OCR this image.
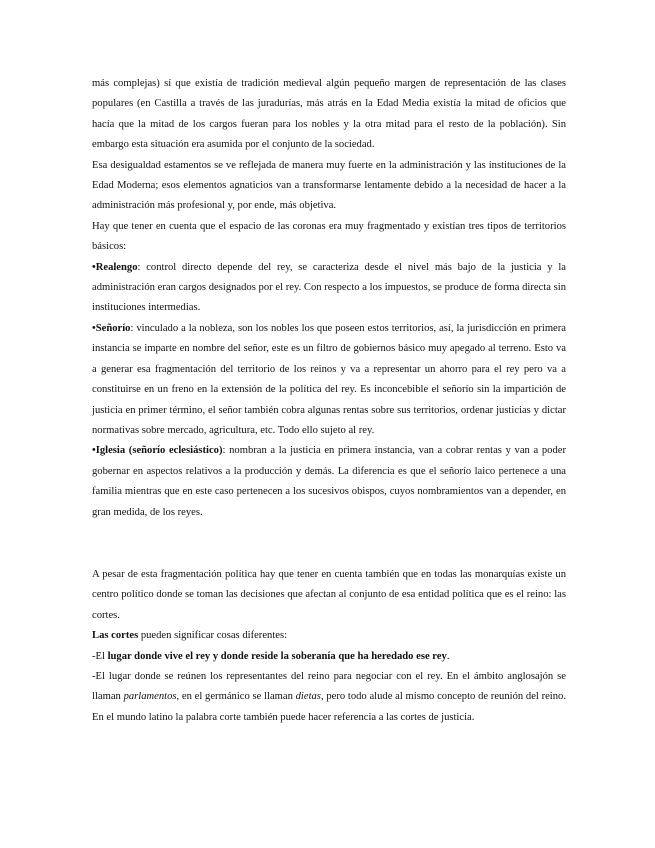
más complejas) sí que existía de tradición medieval algún pequeño margen de representación de las clases populares (en Castilla a través de las juradurías, más atrás en la Edad Media existía la mitad de oficios que hacía que la mitad de los cargos fueran para los nobles y la otra mitad para el resto de la población). Sin embargo esta situación era asumida por el conjunto de la sociedad.

Esa desigualdad estamentos se ve reflejada de manera muy fuerte en la administración y las instituciones de la Edad Moderna; esos elementos agnaticios van a transformarse lentamente debido a la necesidad de hacer a la administración más profesional y, por ende, más objetiva.

Hay que tener en cuenta que el espacio de las coronas era muy fragmentado y existían tres tipos de territorios básicos:

•Realengo: control directo depende del rey, se caracteriza desde el nivel más bajo de la justicia y la administración eran cargos designados por el rey. Con respecto a los impuestos, se produce de forma directa sin instituciones intermedias.

•Señorío: vinculado a la nobleza, son los nobles los que poseen estos territorios, así, la jurisdicción en primera instancia se imparte en nombre del señor, este es un filtro de gobiernos básico muy apegado al terreno. Esto va a generar esa fragmentación del territorio de los reinos y va a representar un ahorro para el rey pero va a constituirse en un freno en la extensión de la política del rey. Es inconcebible el señorío sin la impartición de justicia en primer término, el señor también cobra algunas rentas sobre sus territorios, ordenar justicias y dictar normativas sobre mercado, agricultura, etc. Todo ello sujeto al rey.

•Iglesia (señorío eclesiástico): nombran a la justicia en primera instancia, van a cobrar rentas y van a poder gobernar en aspectos relativos a la producción y demás. La diferencia es que el señorío laico pertenece a una familia mientras que en este caso pertenecen a los sucesivos obispos, cuyos nombramientos van a depender, en gran medida, de los reyes.

A pesar de esta fragmentación política hay que tener en cuenta también que en todas las monarquías existe un centro político donde se toman las decisiones que afectan al conjunto de esa entidad política que es el reino: las cortes.

Las cortes pueden significar cosas diferentes:

-El lugar donde vive el rey y donde reside la soberanía que ha heredado ese rey.

-El lugar donde se reúnen los representantes del reino para negociar con el rey. En el ámbito anglosajón se llaman parlamentos, en el germánico se llaman dietas, pero todo alude al mismo concepto de reunión del reino. En el mundo latino la palabra corte también puede hacer referencia a las cortes de justicia.
